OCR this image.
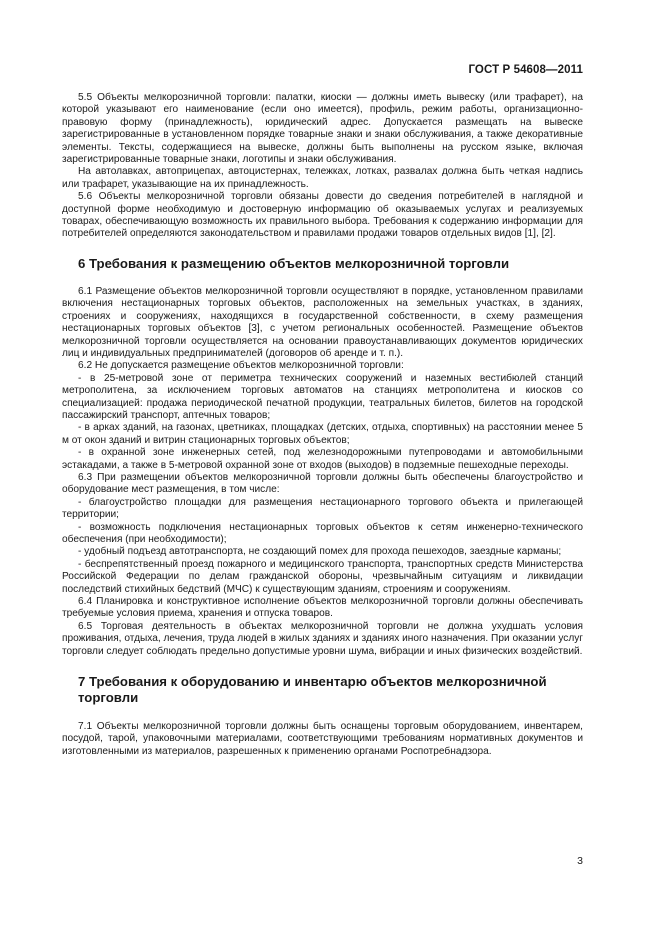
ГОСТ Р 54608—2011

5.5 Объекты мелкорозничной торговли: палатки, киоски — должны иметь вывеску (или трафарет), на которой указывают его наименование (если оно имеется), профиль, режим работы, организационно-правовую форму (принадлежность), юридический адрес. Допускается размещать на вывеске зарегистрированные в установленном порядке товарные знаки и знаки обслуживания, а также декоративные элементы. Тексты, содержащиеся на вывеске, должны быть выполнены на русском языке, включая зарегистрированные товарные знаки, логотипы и знаки обслуживания.

На автолавках, автоприцепах, автоцистернах, тележках, лотках, развалах должна быть четкая надпись или трафарет, указывающие на их принадлежность.

5.6 Объекты мелкорозничной торговли обязаны довести до сведения потребителей в наглядной и доступной форме необходимую и достоверную информацию об оказываемых услугах и реализуемых товарах, обеспечивающую возможность их правильного выбора. Требования к содержанию информации для потребителей определяются законодательством и правилами продажи товаров отдельных видов [1], [2].

6 Требования к размещению объектов мелкорозничной торговли

6.1 Размещение объектов мелкорозничной торговли осуществляют в порядке, установленном правилами включения нестационарных торговых объектов, расположенных на земельных участках, в зданиях, строениях и сооружениях, находящихся в государственной собственности, в схему размещения нестационарных торговых объектов [3], с учетом региональных особенностей. Размещение объектов мелкорозничной торговли осуществляется на основании правоустанавливающих документов юридических лиц и индивидуальных предпринимателей (договоров об аренде и т. п.).

6.2 Не допускается размещение объектов мелкорозничной торговли:

- в 25-метровой зоне от периметра технических сооружений и наземных вестибюлей станций метрополитена, за исключением торговых автоматов на станциях метрополитена и киосков со специализацией: продажа периодической печатной продукции, театральных билетов, билетов на городской пассажирский транспорт, аптечных товаров;

- в арках зданий, на газонах, цветниках, площадках (детских, отдыха, спортивных) на расстоянии менее 5 м от окон зданий и витрин стационарных торговых объектов;

- в охранной зоне инженерных сетей, под железнодорожными путепроводами и автомобильными эстакадами, а также в 5-метровой охранной зоне от входов (выходов) в подземные пешеходные переходы.

6.3 При размещении объектов мелкорозничной торговли должны быть обеспечены благоустройство и оборудование мест размещения, в том числе:

- благоустройство площадки для размещения нестационарного торгового объекта и прилегающей территории;

- возможность подключения нестационарных торговых объектов к сетям инженерно-технического обеспечения (при необходимости);

- удобный подъезд автотранспорта, не создающий помех для прохода пешеходов, заездные карманы;

- беспрепятственный проезд пожарного и медицинского транспорта, транспортных средств Министерства Российской Федерации по делам гражданской обороны, чрезвычайным ситуациям и ликвидации последствий стихийных бедствий (МЧС) к существующим зданиям, строениям и сооружениям.

6.4 Планировка и конструктивное исполнение объектов мелкорозничной торговли должны обеспечивать требуемые условия приема, хранения и отпуска товаров.

6.5 Торговая деятельность в объектах мелкорозничной торговли не должна ухудшать условия проживания, отдыха, лечения, труда людей в жилых зданиях и зданиях иного назначения. При оказании услуг торговли следует соблюдать предельно допустимые уровни шума, вибрации и иных физических воздействий.

7 Требования к оборудованию и инвентарю объектов мелкорозничной торговли

7.1 Объекты мелкорозничной торговли должны быть оснащены торговым оборудованием, инвентарем, посудой, тарой, упаковочными материалами, соответствующими требованиям нормативных документов и изготовленными из материалов, разрешенных к применению органами Роспотребнадзора.

3
